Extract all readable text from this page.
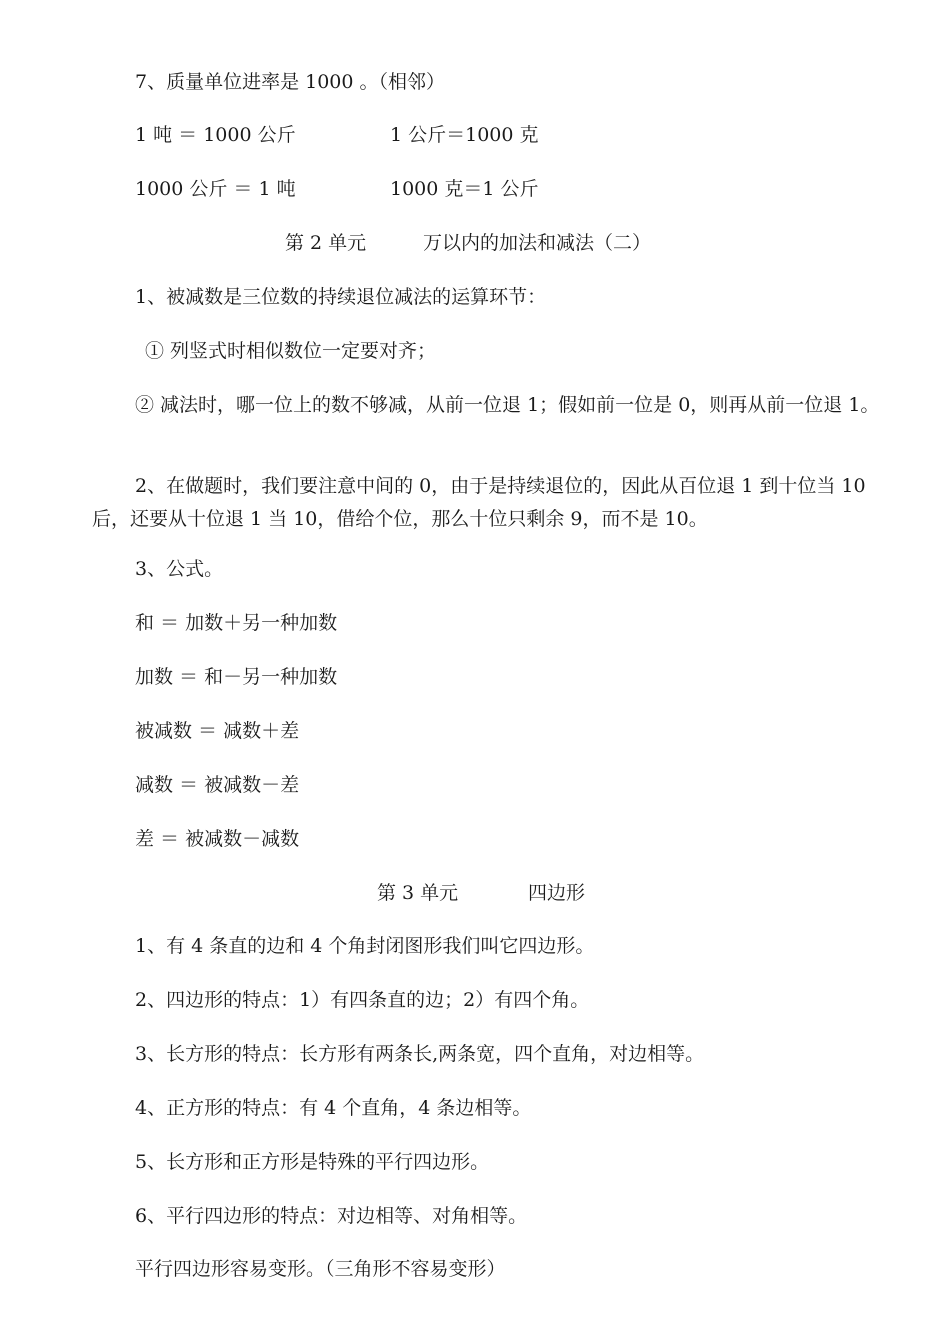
7、质量单位进率是 1000 。（相邻）
1 吨 ＝ 1000 公斤	1 公斤＝1000 克
1000 公斤 ＝ 1 吨	1000 克＝1 公斤
第 2 单元	万以内的加法和减法（二）
1、被减数是三位数的持续退位减法的运算环节：
① 列竖式时相似数位一定要对齐；
② 减法时，哪一位上的数不够减，从前一位退 1；假如前一位是 0，则再从前一位退 1。
2、在做题时，我们要注意中间的 0，由于是持续退位的，因此从百位退 1 到十位当 10 后，还要从十位退 1 当 10，借给个位，那么十位只剩余 9，而不是 10。
3、公式。
和 ＝ 加数＋另一种加数
加数 ＝ 和－另一种加数
被减数 ＝ 减数＋差
减数 ＝ 被减数－差
差 ＝ 被减数－减数
第 3 单元	四边形
1、有 4 条直的边和 4 个角封闭图形我们叫它四边形。
2、四边形的特点：1）有四条直的边；2）有四个角。
3、长方形的特点：长方形有两条长,两条宽，四个直角，对边相等。
4、正方形的特点：有 4 个直角，4 条边相等。
5、长方形和正方形是特殊的平行四边形。
6、平行四边形的特点：对边相等、对角相等。
平行四边形容易变形。（三角形不容易变形）
